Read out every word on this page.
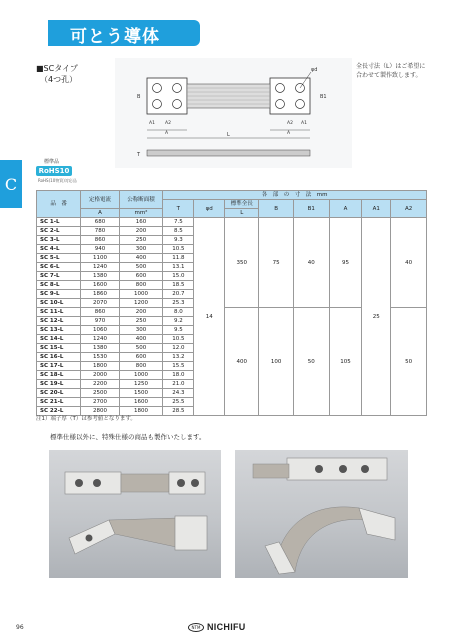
可とう導体
C
■SCタイプ
（4つ孔）
全長寸法（L）はご希望に
合わせて製作致します。
φd
B	B1
A1 A2	A2 A1
A	A
L
T
標準品
RoHS10
RoHS(10物質)対応品
品　番	定格電流	公称断面積	各　部　の　寸　法　mm							
			T	φd	標準全長	B	B1	A	A1	A2
	A	mm²			L					
SC 1-L	680	160	7.5	14	350	75	40	95	25	40
SC 2-L	780	200	8.5							
SC 3-L	860	250	9.3							
SC 4-L	940	300	10.5							
SC 5-L	1100	400	11.8							
SC 6-L	1240	500	13.1							
SC 7-L	1380	600	15.0							
SC 8-L	1600	800	18.5							
SC 9-L	1860	1000	20.7							
SC 10-L	2070	1200	25.3							
SC 11-L	860	200	8.0		400	100	50	105		50
SC 12-L	970	250	9.2							
SC 13-L	1060	300	9.5							
SC 14-L	1240	400	10.5							
SC 15-L	1380	500	12.0							
SC 16-L	1530	600	13.2							
SC 17-L	1800	800	15.5							
SC 18-L	2000	1000	18.0							
SC 19-L	2200	1250	21.0							
SC 20-L	2500	1500	24.3							
SC 21-L	2700	1600	25.5							
SC 22-L	2800	1800	28.5							
注1）端子厚（T）は参考値となります。
標準仕様以外に、特殊仕様の商品も製作いたします。
96	NTM NICHIFU
